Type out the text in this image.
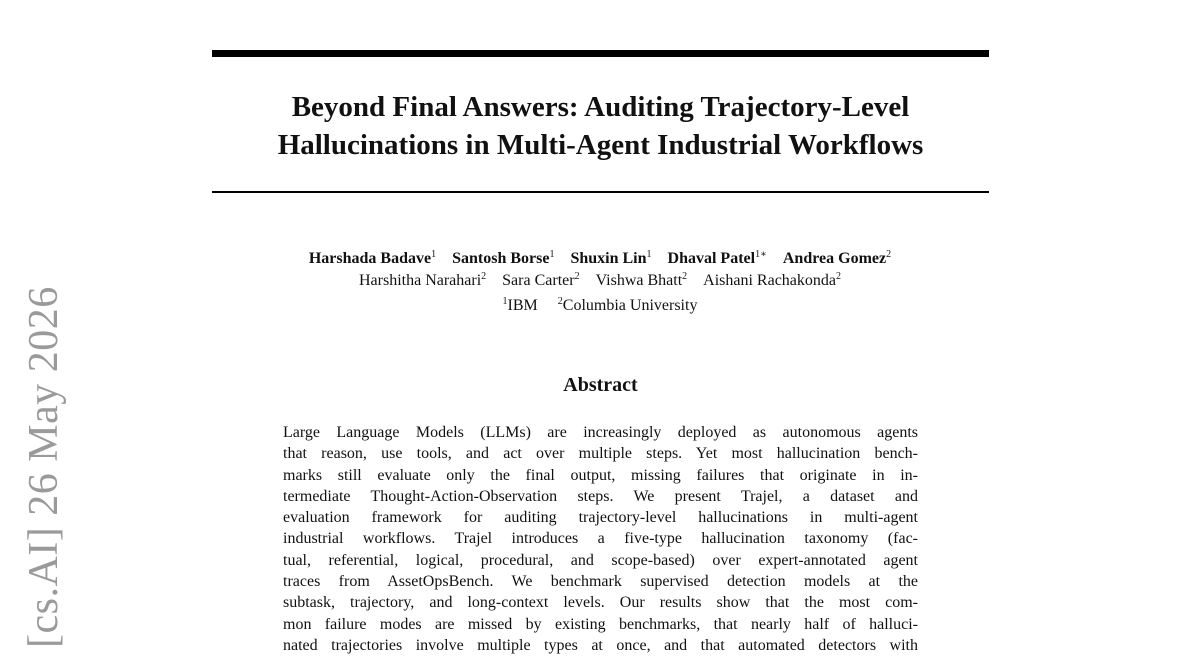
Beyond Final Answers: Auditing Trajectory-Level
Hallucinations in Multi-Agent Industrial Workflows
Harshada Badave$^1$ Santosh Borse$^1$ Shuxin Lin$^1$ Dhaval Patel$^{1∗}$ Andrea Gomez$^2$
Harshitha Narahari$^2$ Sara Carter$^2$ Vishwa Bhatt$^2$ Aishani Rachakonda$^2$
$^1$IBM $^2$Columbia University
Abstract
Large Language Models (LLMs) are increasingly deployed as autonomous agents
that reason, use tools, and act over multiple steps. Yet most hallucination bench-
marks still evaluate only the final output, missing failures that originate in in-
termediate Thought-Action-Observation steps. We present Trajel, a dataset and
evaluation framework for auditing trajectory-level hallucinations in multi-agent
industrial workflows. Trajel introduces a five-type hallucination taxonomy (fac-
tual, referential, logical, procedural, and scope-based) over expert-annotated agent
traces from AssetOpsBench. We benchmark supervised detection models at the
subtask, trajectory, and long-context levels. Our results show that the most com-
mon failure modes are missed by existing benchmarks, that nearly half of halluci-
nated trajectories involve multiple types at once, and that automated detectors with
[cs.AI] 26 May 2026
